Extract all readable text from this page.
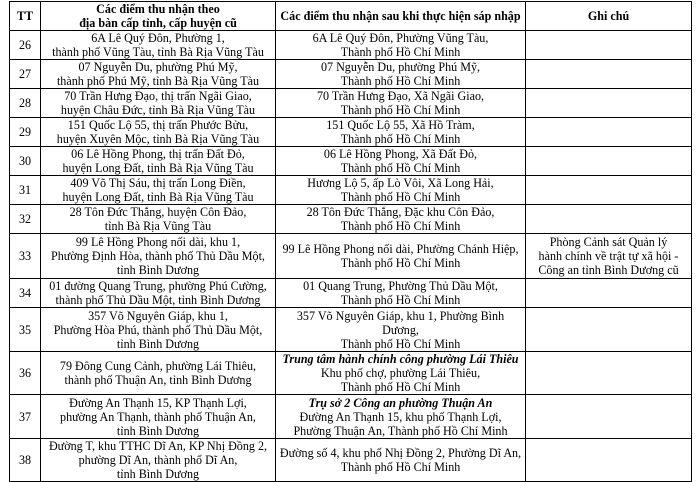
TT	Các điểm thu nhận theo
địa bàn cấp tỉnh, cấp huyện cũ	Các điểm thu nhận sau khi thực hiện sáp nhập	Ghi chú
26	6A Lê Quý Đôn, Phường 1,
thành phố Vũng Tàu, tỉnh Bà Rịa Vũng Tàu	6A Lê Quý Đôn, Phường Vũng Tàu,
Thành phố Hồ Chí Minh	

27	07 Nguyễn Du, phường Phú Mỹ,
thành phố Phú Mỹ, tỉnh Bà Rịa Vũng Tàu	07 Nguyễn Du, phường Phú Mỹ,
Thành phố Hồ Chí Minh	

28	70 Trần Hưng Đạo, thị trấn Ngãi Giao,
huyện Châu Đức, tỉnh Bà Rịa Vũng Tàu	70 Trần Hưng Đạo, Xã Ngãi Giao,
Thành phố Hồ Chí Minh	

29	151 Quốc Lộ 55, thị trấn Phước Bửu,
huyện Xuyên Mộc, tỉnh Bà Rịa Vũng Tàu	151 Quốc Lộ 55, Xã Hồ Tràm,
Thành phố Hồ Chí Minh	

30	06 Lê Hồng Phong, thị trấn Đất Đỏ,
huyện Long Đất, tỉnh Bà Rịa Vũng Tàu	06 Lê Hồng Phong, Xã Đất Đỏ,
Thành phố Hồ Chí Minh	

31	409 Võ Thị Sáu, thị trấn Long Điền,
huyện Long Đất, tỉnh Bà Rịa Vũng Tàu	Hương Lộ 5, ấp Lò Vôi, Xã Long Hải,
Thành phố Hồ Chí Minh	

32	28 Tôn Đức Thắng, huyện Côn Đảo,
tỉnh Bà Rịa Vũng Tàu	28 Tôn Đức Thắng, Đặc khu Côn Đảo,
Thành phố Hồ Chí Minh	

33	99 Lê Hồng Phong nối dài, khu 1,
Phường Định Hòa, thành phố Thủ Dầu Một,
tỉnh Bình Dương	99 Lê Hồng Phong nối dài, Phường Chánh Hiệp,
Thành phố Hồ Chí Minh	Phòng Cảnh sát Quản lý
hành chính về trật tự xã hội -
Công an tỉnh Bình Dương cũ

34	01 đường Quang Trung, phường Phú Cường,
thành phố Thủ Dầu Một, tỉnh Bình Dương	01 Quang Trung, Phường Thủ Dầu Một,
Thành phố Hồ Chí Minh	

35	357 Võ Nguyên Giáp, khu 1,
Phường Hòa Phú, thành phố Thủ Dầu Một,
tỉnh Bình Dương	357 Võ Nguyên Giáp, khu 1, Phường Bình Dương,
Thành phố Hồ Chí Minh	

36	79 Đông Cung Cảnh, phường Lái Thiêu,
thành phố Thuận An, tỉnh Bình Dương	Trung tâm hành chính công phường Lái Thiêu
Khu phố chợ, phường Lái Thiêu,
Thành phố Hồ Chí Minh	

37	Đường An Thạnh 15, KP Thạnh Lợi,
phường An Thạnh, thành phố Thuận An,
tỉnh Bình Dương	Trụ sở 2 Công an phường Thuận An
Đường An Thạnh 15, khu phố Thạnh Lợi,
Phường Thuận An, Thành phố Hồ Chí Minh	

38	Đường T, khu TTHC Dĩ An, KP Nhị Đồng 2,
phường Dĩ An, thành phố Dĩ An,
tỉnh Bình Dương	Đường số 4, khu phố Nhị Đồng 2, Phường Dĩ An,
Thành phố Hồ Chí Minh	
